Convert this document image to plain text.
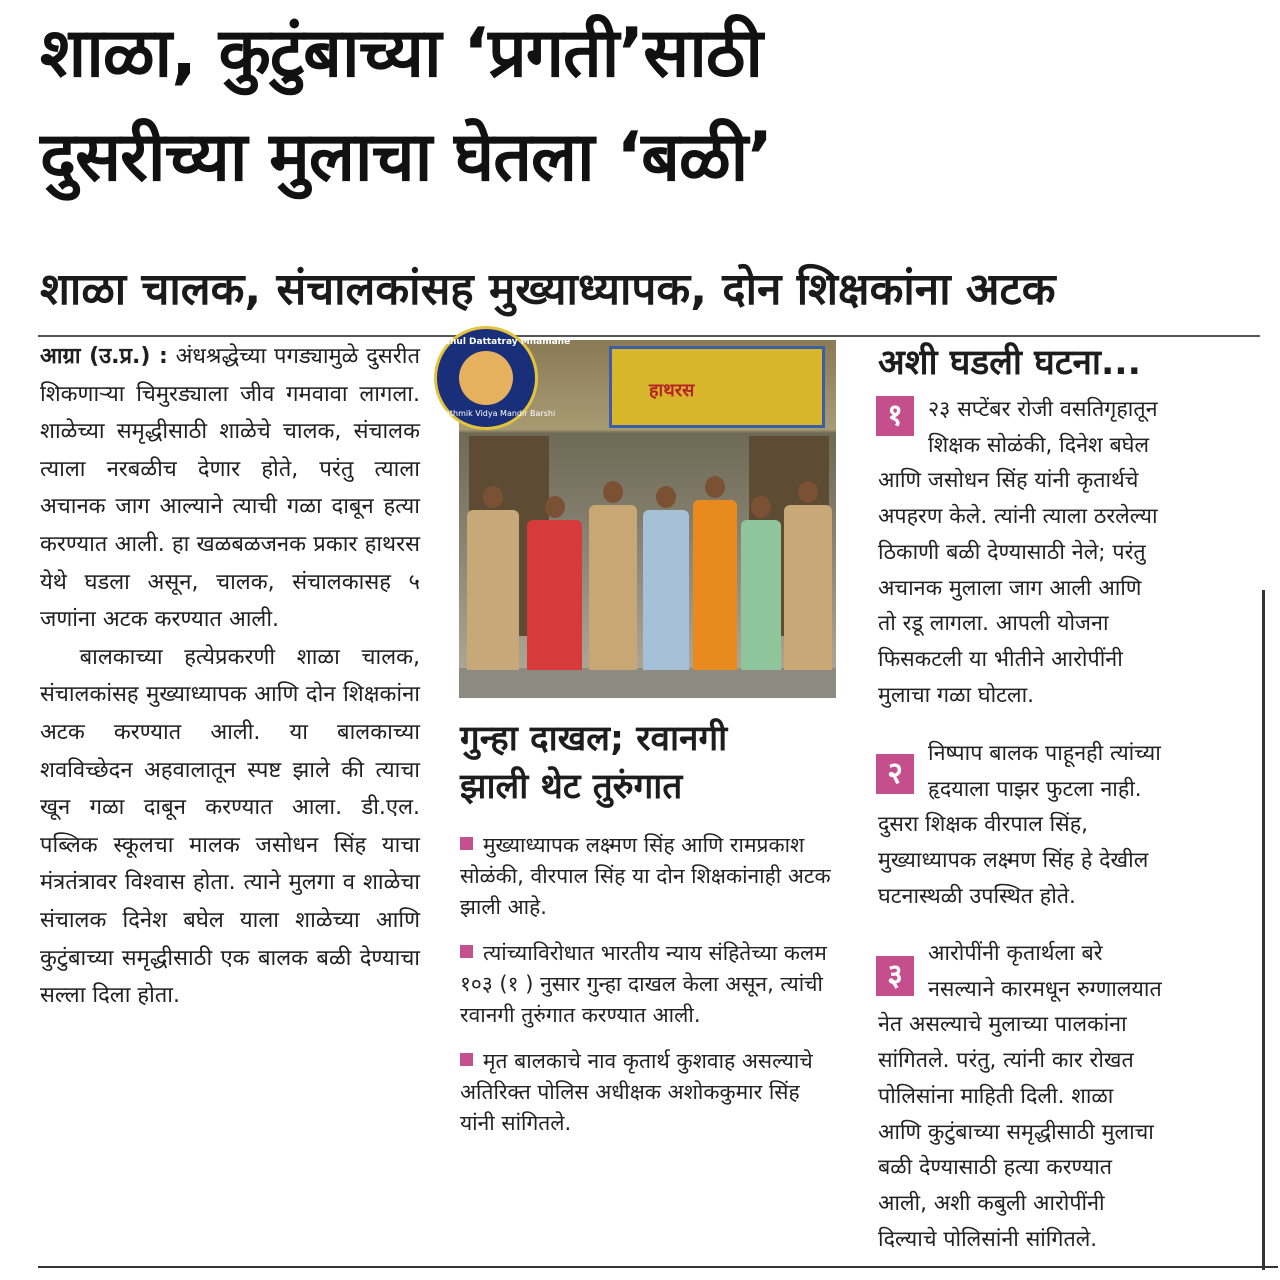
शाळा, कुटुंबाच्या ‘प्रगती’साठी
दुसरीच्या मुलाचा घेतला ‘बळी’
शाळा चालक, संचालकांसह मुख्याध्यापक, दोन शिक्षकांना अटक

आग्रा (उ.प्र.) : अंधश्रद्धेच्या पगड्यामुळे दुसरीत शिकणाऱ्या चिमुरड्याला जीव गमवावा लागला. शाळेच्या समृद्धीसाठी शाळेचे चालक, संचालक त्याला नरबळीच देणार होते, परंतु त्याला अचानक जाग आल्याने त्याची गळा दाबून हत्या करण्यात आली. हा खळबळजनक प्रकार हाथरस येथे घडला असून, चालक, संचालकासह ५ जणांना अटक करण्यात आली.

बालकाच्या हत्येप्रकरणी शाळा चालक, संचालकांसह मुख्याध्यापक आणि दोन शिक्षकांना अटक करण्यात आली. या बालकाच्या शवविच्छेदन अहवालातून स्पष्ट झाले की त्याचा खून गळा दाबून करण्यात आला. डी.एल. पब्लिक स्कूलचा मालक जसोधन सिंह याचा मंत्रतंत्रावर विश्वास होता. त्याने मुलगा व शाळेचा संचालक दिनेश बघेल याला शाळेच्या आणि कुटुंबाच्या समृद्धीसाठी एक बालक बळी देण्याचा सल्ला दिला होता.

हाथरस
Rahul Dattatray Mhamane
Prathmik Vidya Mandir Barshi
गुन्हा दाखल; रवानगी
झाली थेट तुरुंगात
मुख्याध्यापक लक्ष्मण सिंह आणि रामप्रकाश सोळंकी, वीरपाल सिंह या दोन शिक्षकांनाही अटक झाली आहे.
त्यांच्याविरोधात भारतीय न्याय संहितेच्या कलम १०३ (१ ) नुसार गुन्हा दाखल केला असून, त्यांची रवानगी तुरुंगात करण्यात आली.
मृत बालकाचे नाव कृतार्थ कुशवाह असल्याचे अतिरिक्त पोलिस अधीक्षक अशोककुमार सिंह यांनी सांगितले.
अशी घडली घटना...
१	२३ सप्टेंबर रोजी वसतिगृहातून
शिक्षक सोळंकी, दिनेश बघेल
आणि जसोधन सिंह यांनी कृतार्थचे
अपहरण केले. त्यांनी त्याला ठरलेल्या
ठिकाणी बळी देण्यासाठी नेले; परंतु
अचानक मुलाला जाग आली आणि
तो रडू लागला. आपली योजना
फिसकटली या भीतीने आरोपींनी
मुलाचा गळा घोटला.
२
निष्पाप बालक पाहूनही त्यांच्या
हृदयाला पाझर फुटला नाही.
दुसरा शिक्षक वीरपाल सिंह,
मुख्याध्यापक लक्ष्मण सिंह हे देखील
घटनास्थळी उपस्थित होते.
३
आरोपींनी कृतार्थला बरे
नसल्याने कारमधून रुग्णालयात
नेत असल्याचे मुलाच्या पालकांना
सांगितले. परंतु, त्यांनी कार रोखत
पोलिसांना माहिती दिली. शाळा
आणि कुटुंबाच्या समृद्धीसाठी मुलाचा
बळी देण्यासाठी हत्या करण्यात
आली, अशी कबुली आरोपींनी
दिल्याचे पोलिसांनी सांगितले.
